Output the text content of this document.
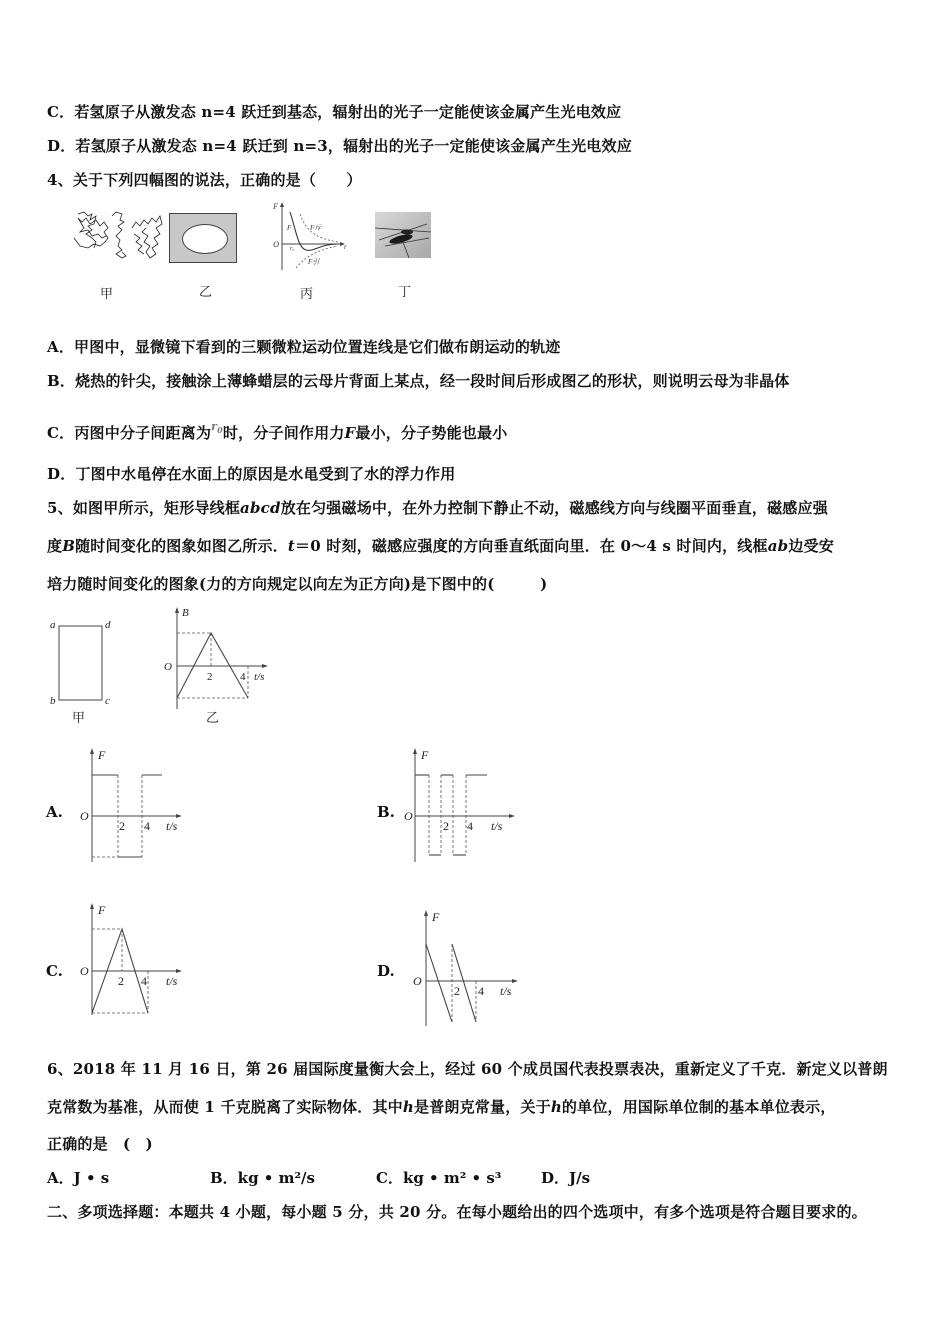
C．若氢原子从激发态 n=4 跃迁到基态，辐射出的光子一定能使该金属产生光电效应
D．若氢原子从激发态 n=4 跃迁到 n=3，辐射出的光子一定能使该金属产生光电效应
4、关于下列四幅图的说法，正确的是（　　）
甲	乙
F
O	r
F	F斥
r₀
F引
丙	丁
A．甲图中，显微镜下看到的三颗微粒运动位置连线是它们做布朗运动的轨迹
B．烧热的针尖，接触涂上薄蜂蜡层的云母片背面上某点，经一段时间后形成图乙的形状，则说明云母为非晶体
C．丙图中分子间距离为$^{r_0}$时，分子间作用力F最小，分子势能也最小
D．丁图中水黾停在水面上的原因是水黾受到了水的浮力作用
5、如图甲所示，矩形导线框abcd放在匀强磁场中，在外力控制下静止不动，磁感线方向与线圈平面垂直，磁感应强
度B随时间变化的图象如图乙所示．t＝0 时刻，磁感应强度的方向垂直纸面向里．在 0～4 s 时间内，线框ab边受安
培力随时间变化的图象(力的方向规定以向左为正方向)是下图中的(　　　)
a	d
b	c
甲
B
O
2	4 t/s
乙
A.
F
O
2 4 t/s
B.
F
O
2 4 t/s
C.
F
O
2 4 t/s
D.
F
O
2 4 t/s
6、2018 年 11 月 16 日，第 26 届国际度量衡大会上，经过 60 个成员国代表投票表决，重新定义了千克．新定义以普朗
克常数为基准，从而使 1 千克脱离了实际物体．其中h是普朗克常量，关于h的单位，用国际单位制的基本单位表示，
正确的是　(　)
A．J • s	B．kg • m²/s	C．kg • m² • s³	D．J/s
二、多项选择题：本题共 4 小题，每小题 5 分，共 20 分。在每小题给出的四个选项中，有多个选项是符合题目要求的。
